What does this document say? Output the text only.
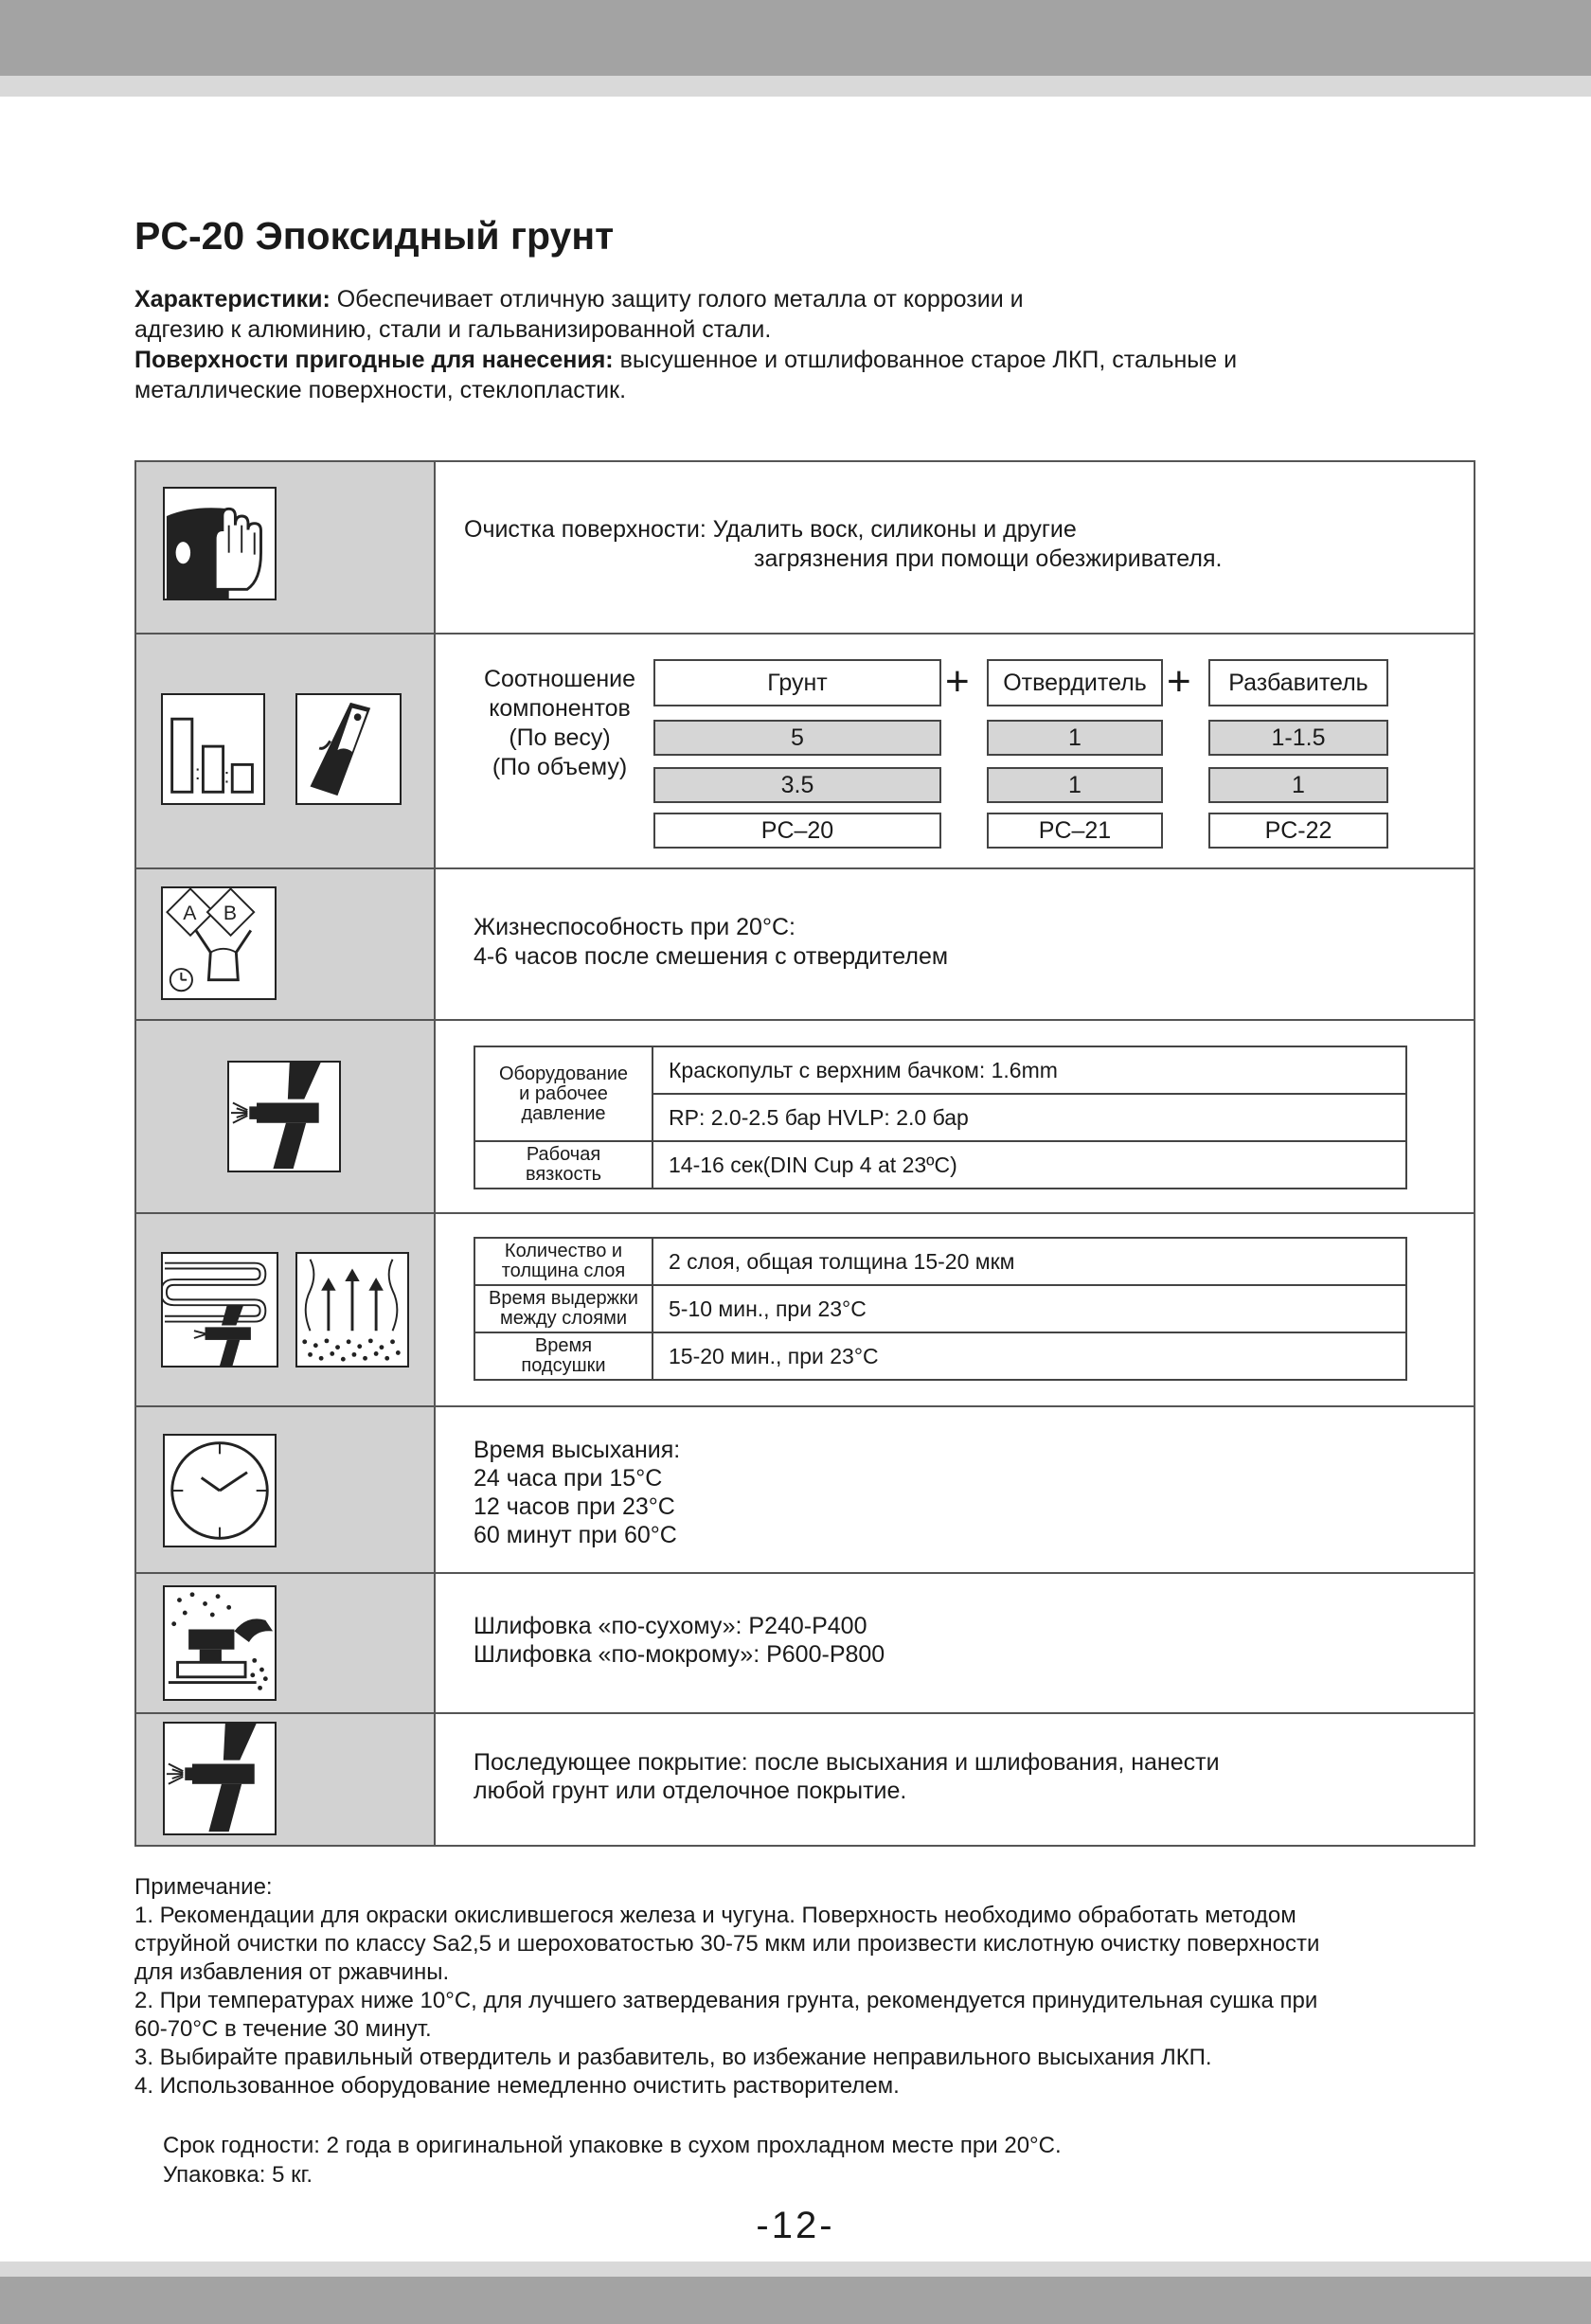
PC-20 Эпоксидный грунт
Характеристики: Обеспечивает отличную защиту голого металла от коррозии и
адгезию к алюминию, стали и гальванизированной стали.
Поверхности пригодные для нанесения: высушенное и отшлифованное старое ЛКП, стальные и
металлические поверхности, стеклопластик.
Очистка поверхности: Удалить воск, силиконы и другие
загрязнения при помощи обезжиривателя.
: :
Соотношение
компонентов
(По весу)
(По объему)
Грунт	+	Отвердитель +	Разбавитель
5	1	1-1.5
3.5	1	1
PC–20	PC–21	PC-22
A B
Жизнеспособность при 20°С:
4-6 часов после смешения с отвердителем
Оборудование
и рабочее
давление	Краскопульт с верхним бачком: 1.6mm
	RP: 2.0-2.5 бар HVLP: 2.0 бар

Рабочая
вязкость	14-16 сек(DIN Cup 4 at 23ºC)
Количество и
толщина слоя	2 слоя, общая толщина 15-20 мкм

Время выдержки
между слоями	5-10 мин., при 23°С

Время
подсушки	15-20 мин., при 23°С
Время высыхания:
24 часа при 15°С
12 часов при 23°С
60 минут при 60°С
Шлифовка «по-сухому»: P240-P400
Шлифовка «по-мокрому»: P600-P800
Последующее покрытие: после высыхания и шлифования, нанести
любой грунт или отделочное покрытие.
Примечание:
1. Рекомендации для окраски окислившегося железа и чугуна. Поверхность необходимо обработать методом
струйной очистки по классу Sa2,5 и шероховатостью 30-75 мкм или произвести кислотную очистку поверхности
для избавления от ржавчины.
2. При температурах ниже 10°С, для лучшего затвердевания грунта, рекомендуется принудительная сушка при
60-70°С в течение 30 минут.
3. Выбирайте правильный отвердитель и разбавитель, во избежание неправильного высыхания ЛКП.
4. Использованное оборудование немедленно очистить растворителем.
Срок годности: 2 года в оригинальной упаковке в сухом прохладном месте при 20°С.
Упаковка: 5 кг.
-12-
